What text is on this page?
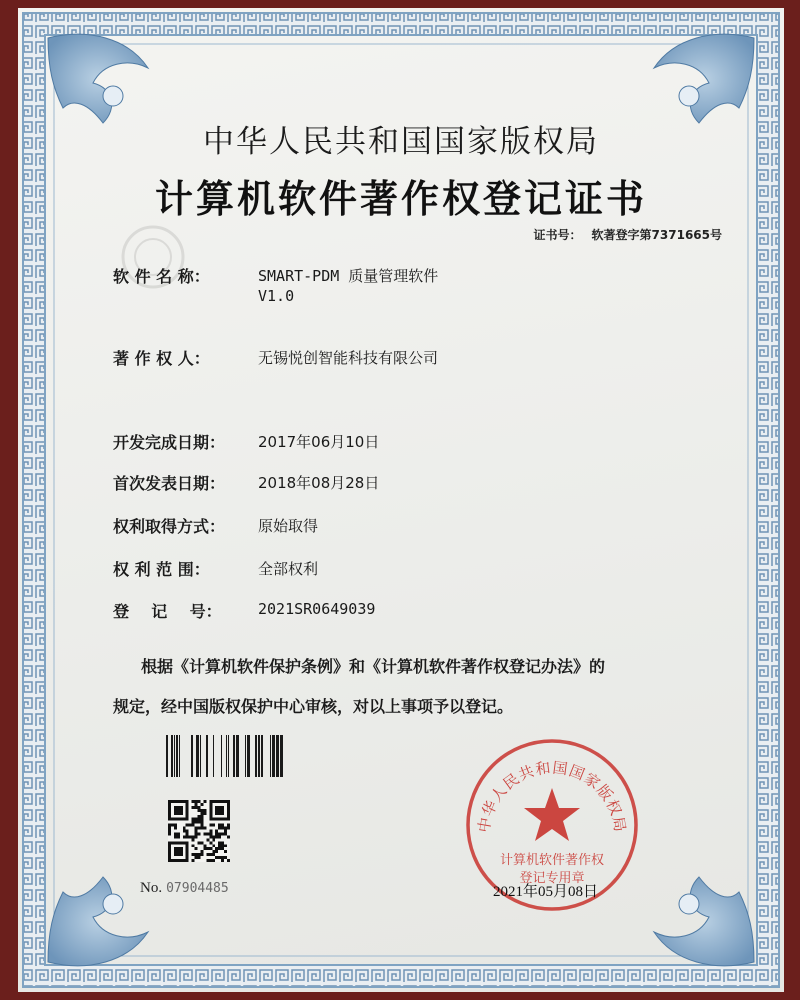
中华人民共和国国家版权局
计算机软件著作权登记证书
证书号： 软著登字第7371665号
软 件 名 称：	SMART-PDM 质量管理软件
V1.0
著 作 权 人：	无锡悦创智能科技有限公司
开发完成日期： 2017年06月10日
首次发表日期： 2018年08月28日
权利取得方式： 原始取得
权 利 范 围：	全部权利
登    记    号： 2021SR0649039
根据《计算机软件保护条例》和《计算机软件著作权登记办法》的
规定，经中国版权保护中心审核，对以上事项予以登记。
No. 07904485
中华人民共和国国家版权局
计算机软件著作权
登记专用章
2021年05月08日
